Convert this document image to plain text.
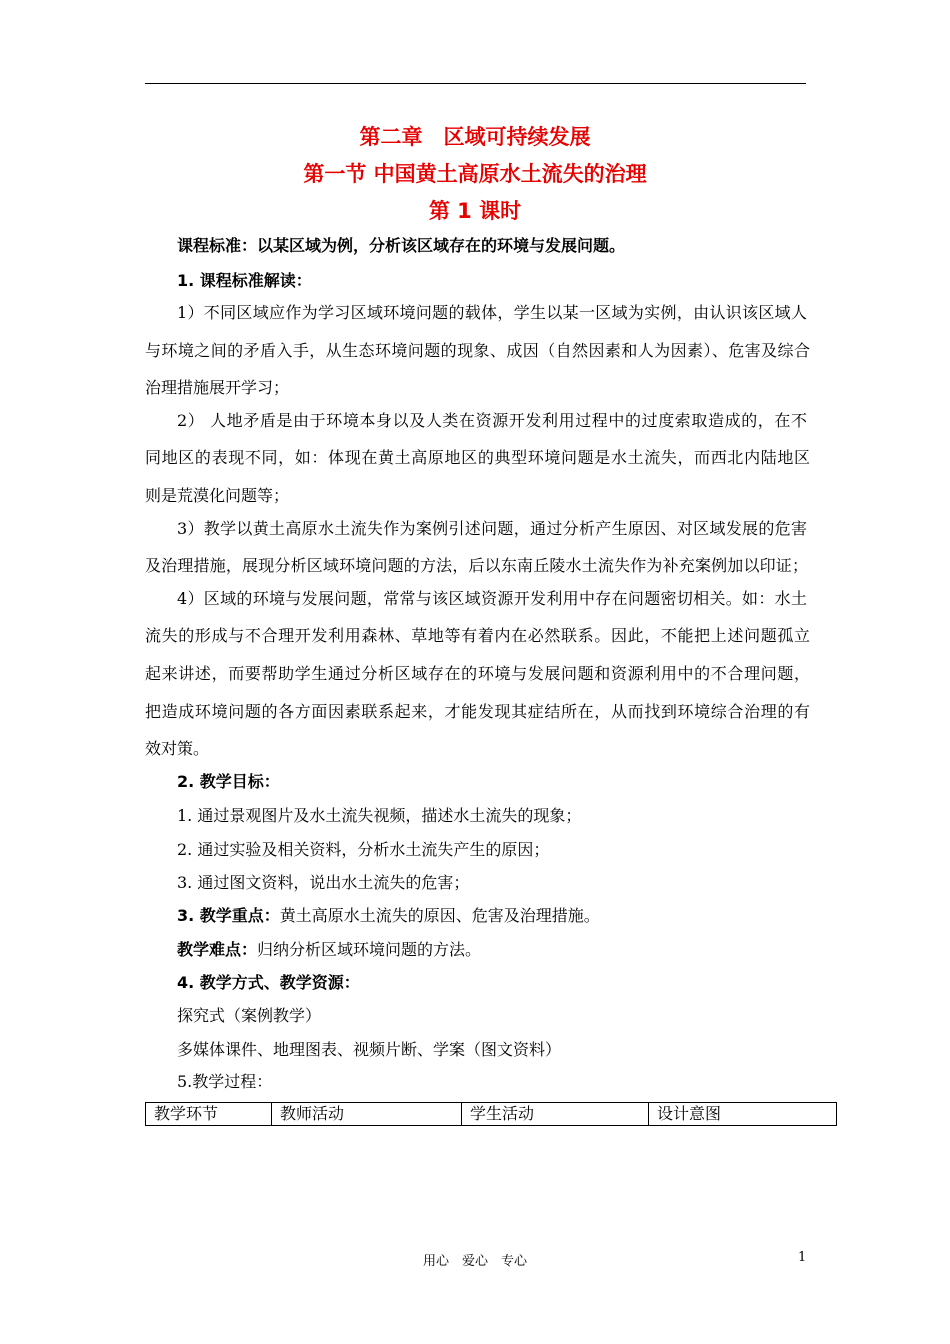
第二章　区域可持续发展
第一节 中国黄土高原水土流失的治理
第 1 课时
课程标准：以某区域为例，分析该区域存在的环境与发展问题。
1. 课程标准解读：
1）不同区域应作为学习区域环境问题的载体，学生以某一区域为实例，由认识该区域人
与环境之间的矛盾入手，从生态环境问题的现象、成因（自然因素和人为因素）、危害及综合
治理措施展开学习；
2） 人地矛盾是由于环境本身以及人类在资源开发利用过程中的过度索取造成的，在不
同地区的表现不同，如：体现在黄土高原地区的典型环境问题是水土流失，而西北内陆地区
则是荒漠化问题等；
3）教学以黄土高原水土流失作为案例引述问题，通过分析产生原因、对区域发展的危害
及治理措施，展现分析区域环境问题的方法，后以东南丘陵水土流失作为补充案例加以印证；
4）区域的环境与发展问题，常常与该区域资源开发利用中存在问题密切相关。如：水土
流失的形成与不合理开发利用森林、草地等有着内在必然联系。因此，不能把上述问题孤立
起来讲述，而要帮助学生通过分析区域存在的环境与发展问题和资源利用中的不合理问题，
把造成环境问题的各方面因素联系起来，才能发现其症结所在，从而找到环境综合治理的有
效对策。
2. 教学目标：
1. 通过景观图片及水土流失视频，描述水土流失的现象；
2. 通过实验及相关资料，分析水土流失产生的原因；
3. 通过图文资料，说出水土流失的危害；
3. 教学重点：黄土高原水土流失的原因、危害及治理措施。
教学难点：归纳分析区域环境问题的方法。
4. 教学方式、教学资源：
探究式（案例教学）
多媒体课件、地理图表、视频片断、学案（图文资料）
5.教学过程：
教学环节	教师活动	学生活动	设计意图
用心　爱心　专心	1
